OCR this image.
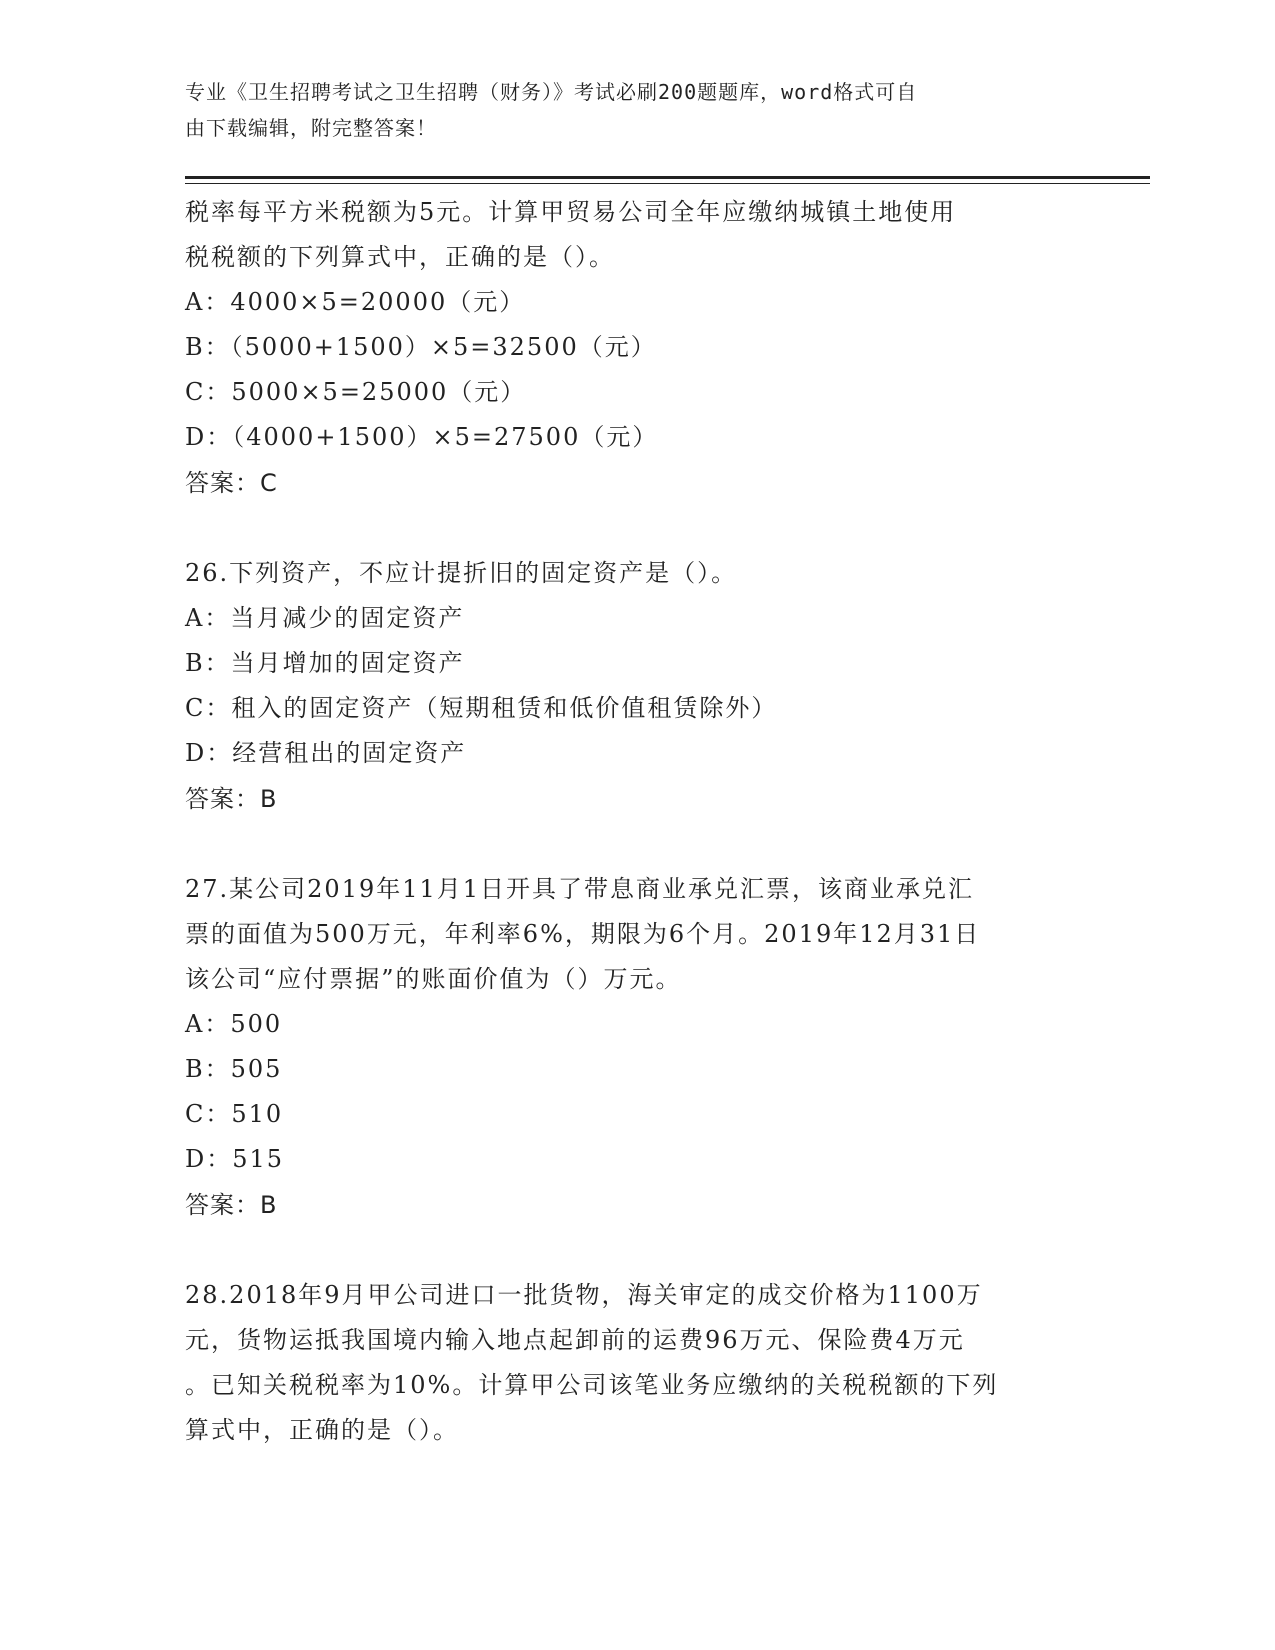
专业《卫生招聘考试之卫生招聘（财务）》考试必刷200题题库，word格式可自
由下载编辑，附完整答案！
税率每平方米税额为5元。计算甲贸易公司全年应缴纳城镇土地使用
税税额的下列算式中，正确的是（）。
A：4000×5=20000（元）
B：（5000+1500）×5=32500（元）
C：5000×5=25000（元）
D：（4000+1500）×5=27500（元）
答案：C
26.下列资产，不应计提折旧的固定资产是（）。
A：当月减少的固定资产
B：当月增加的固定资产
C：租入的固定资产（短期租赁和低价值租赁除外）
D：经营租出的固定资产
答案：B
27.某公司2019年11月1日开具了带息商业承兑汇票，该商业承兑汇
票的面值为500万元，年利率6%，期限为6个月。2019年12月31日
该公司“应付票据”的账面价值为（）万元。
A：500
B：505
C：510
D：515
答案：B
28.2018年9月甲公司进口一批货物，海关审定的成交价格为1100万
元，货物运抵我国境内输入地点起卸前的运费96万元、保险费4万元
。已知关税税率为10%。计算甲公司该笔业务应缴纳的关税税额的下列
算式中，正确的是（）。
